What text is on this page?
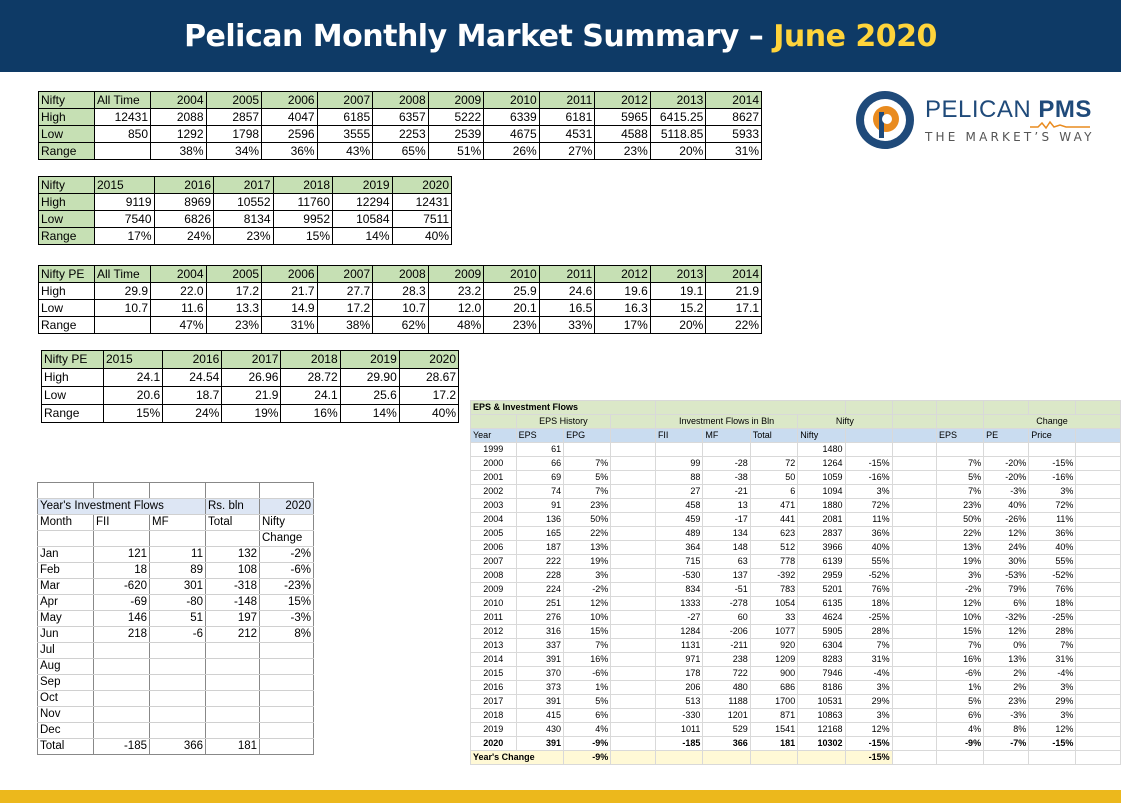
Pelican Monthly Market Summary – June 2020
PELICAN PMS
THE MARKET’S WAY
Nifty	All Time	2004	2005	2006	2007	2008	2009	2010	2011	2012	2013	2014
High	12431	2088	2857	4047	6185	6357	5222	6339	6181	5965	6415.25	8627
Low	850	1292	1798	2596	3555	2253	2539	4675	4531	4588	5118.85	5933
Range		38%	34%	36%	43%	65%	51%	26%	27%	23%	20%	31%
Nifty	2015	2016	2017	2018	2019	2020
High	9119	8969	10552	11760	12294	12431
Low	7540	6826	8134	9952	10584	7511
Range	17%	24%	23%	15%	14%	40%
Nifty PE	All Time	2004	2005	2006	2007	2008	2009	2010	2011	2012	2013	2014
High	29.9	22.0	17.2	21.7	27.7	28.3	23.2	25.9	24.6	19.6	19.1	21.9
Low	10.7	11.6	13.3	14.9	17.2	10.7	12.0	20.1	16.5	16.3	15.2	17.1
Range		47%	23%	31%	38%	62%	48%	23%	33%	17%	20%	22%
Nifty PE	2015	2016	2017	2018	2019	2020
High	24.1	24.54	26.96	28.72	29.90	28.67
Low	20.6	18.7	21.9	24.1	25.6	17.2
Range	15%	24%	19%	16%	14%	40%

Year's Investment Flows			Rs. bln	2020
Month	FII	MF	Total	Nifty
				Change
Jan	121	11	132	-2%
Feb	18	89	108	-6%
Mar	-620	301	-318	-23%
Apr	-69	-80	-148	15%
May	146	51	197	-3%
Jun	218	-6	212	8%
Jul				
Aug				
Sep				
Oct				
Nov				
Dec				
Total	-185	366	181	
EPS & Investment Flows													
	EPS History			Investment Flows in Bln			Nifty				Change		
Year	EPS	EPG		FII	MF	Total	Nifty			EPS	PE	Price	
1999	61						1480						
2000	66	7%		99	-28	72	1264	-15%		7%	-20%	-15%	
2001	69	5%		88	-38	50	1059	-16%		5%	-20%	-16%	
2002	74	7%		27	-21	6	1094	3%		7%	-3%	3%	
2003	91	23%		458	13	471	1880	72%		23%	40%	72%	
2004	136	50%		459	-17	441	2081	11%		50%	-26%	11%	
2005	165	22%		489	134	623	2837	36%		22%	12%	36%	
2006	187	13%		364	148	512	3966	40%		13%	24%	40%	
2007	222	19%		715	63	778	6139	55%		19%	30%	55%	
2008	228	3%		-530	137	-392	2959	-52%		3%	-53%	-52%	
2009	224	-2%		834	-51	783	5201	76%		-2%	79%	76%	
2010	251	12%		1333	-278	1054	6135	18%		12%	6%	18%	
2011	276	10%		-27	60	33	4624	-25%		10%	-32%	-25%	
2012	316	15%		1284	-206	1077	5905	28%		15%	12%	28%	
2013	337	7%		1131	-211	920	6304	7%		7%	0%	7%	
2014	391	16%		971	238	1209	8283	31%		16%	13%	31%	
2015	370	-6%		178	722	900	7946	-4%		-6%	2%	-4%	
2016	373	1%		206	480	686	8186	3%		1%	2%	3%	
2017	391	5%		513	1188	1700	10531	29%		5%	23%	29%	
2018	415	6%		-330	1201	871	10863	3%		6%	-3%	3%	
2019	430	4%		1011	529	1541	12168	12%		4%	8%	12%	
2020	391	-9%		-185	366	181	10302	-15%		-9%	-7%	-15%	
Year's Change		-9%						-15%					
